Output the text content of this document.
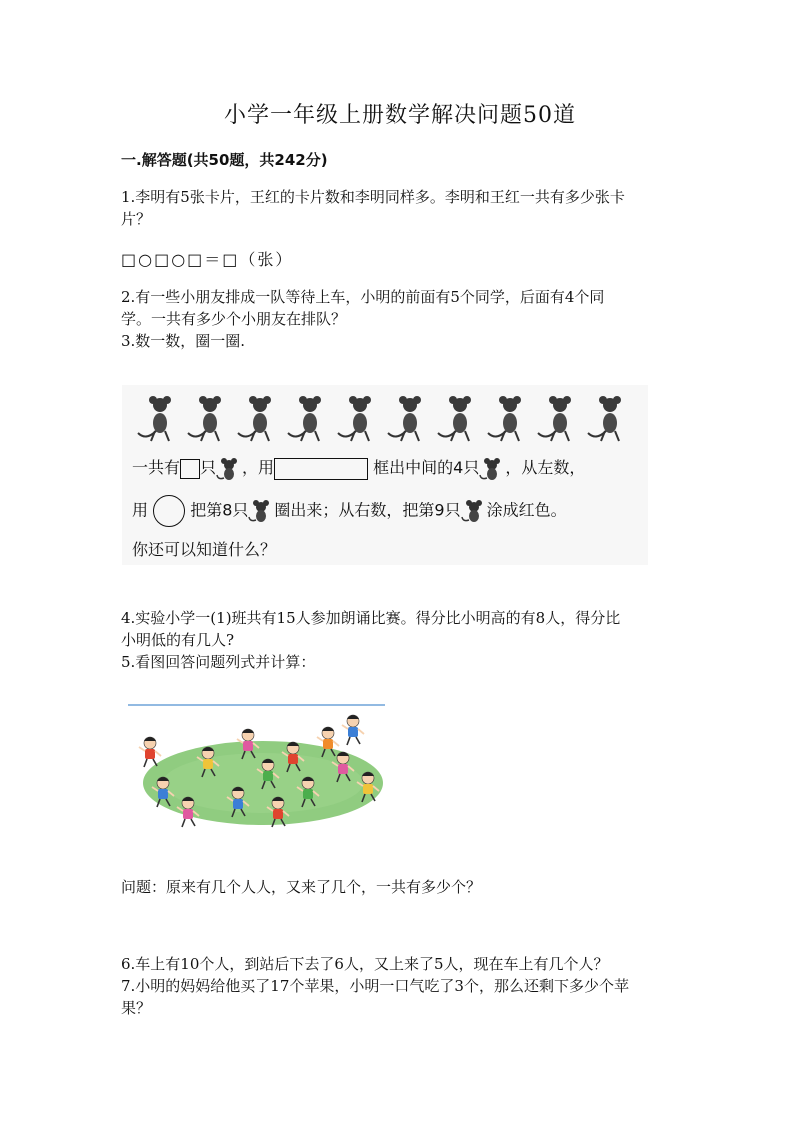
小学一年级上册数学解决问题50道
一.解答题(共50题，共242分)
1.李明有5张卡片，王红的卡片数和李明同样多。李明和王红一共有多少张卡
片？
□○□○□＝□（张）
2.有一些小朋友排成一队等待上车，小明的前面有5个同学，后面有4个同
学。一共有多少个小朋友在排队？
3.数一数，圈一圈.
一共有 只 ，用	框出中间的4只 ，从左数，
用	把第8只 圈出来；从右数，把第9只 涂成红色。
你还可以知道什么？
4.实验小学一(1)班共有15人参加朗诵比赛。得分比小明高的有8人，得分比
小明低的有几人?
5.看图回答问题列式并计算：
问题：原来有几个人人，又来了几个，一共有多少个？
6.车上有10个人，到站后下去了6人，又上来了5人，现在车上有几个人？
7.小明的妈妈给他买了17个苹果，小明一口气吃了3个，那么还剩下多少个苹
果？
